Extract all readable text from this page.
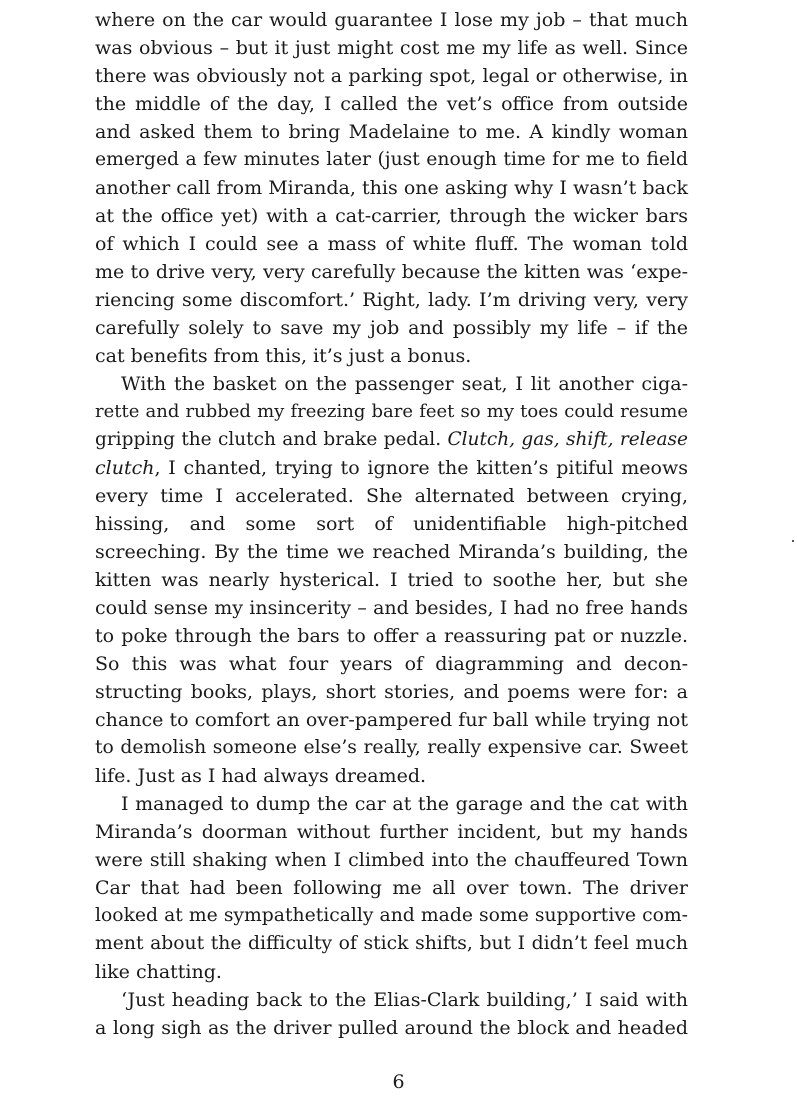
where on the car would guarantee I lose my job – that much
was obvious – but it just might cost me my life as well. Since
there was obviously not a parking spot, legal or otherwise, in
the middle of the day, I called the vet’s office from outside
and asked them to bring Madelaine to me. A kindly woman
emerged a few minutes later (just enough time for me to field
another call from Miranda, this one asking why I wasn’t back
at the office yet) with a cat-carrier, through the wicker bars
of which I could see a mass of white fluff. The woman told
me to drive very, very carefully because the kitten was ‘expe-
riencing some discomfort.’ Right, lady. I’m driving very, very
carefully solely to save my job and possibly my life – if the
cat benefits from this, it’s just a bonus.
With the basket on the passenger seat, I lit another ciga-
rette and rubbed my freezing bare feet so my toes could resume
gripping the clutch and brake pedal. Clutch, gas, shift, release
clutch, I chanted, trying to ignore the kitten’s pitiful meows
every time I accelerated. She alternated between crying,
hissing, and some sort of unidentifiable high-pitched
screeching. By the time we reached Miranda’s building, the
kitten was nearly hysterical. I tried to soothe her, but she
could sense my insincerity – and besides, I had no free hands
to poke through the bars to offer a reassuring pat or nuzzle.
So this was what four years of diagramming and decon-
structing books, plays, short stories, and poems were for: a
chance to comfort an over-pampered fur ball while trying not
to demolish someone else’s really, really expensive car. Sweet
life. Just as I had always dreamed.
I managed to dump the car at the garage and the cat with
Miranda’s doorman without further incident, but my hands
were still shaking when I climbed into the chauffeured Town
Car that had been following me all over town. The driver
looked at me sympathetically and made some supportive com-
ment about the difficulty of stick shifts, but I didn’t feel much
like chatting.
‘Just heading back to the Elias-Clark building,’ I said with
a long sigh as the driver pulled around the block and headed
6
